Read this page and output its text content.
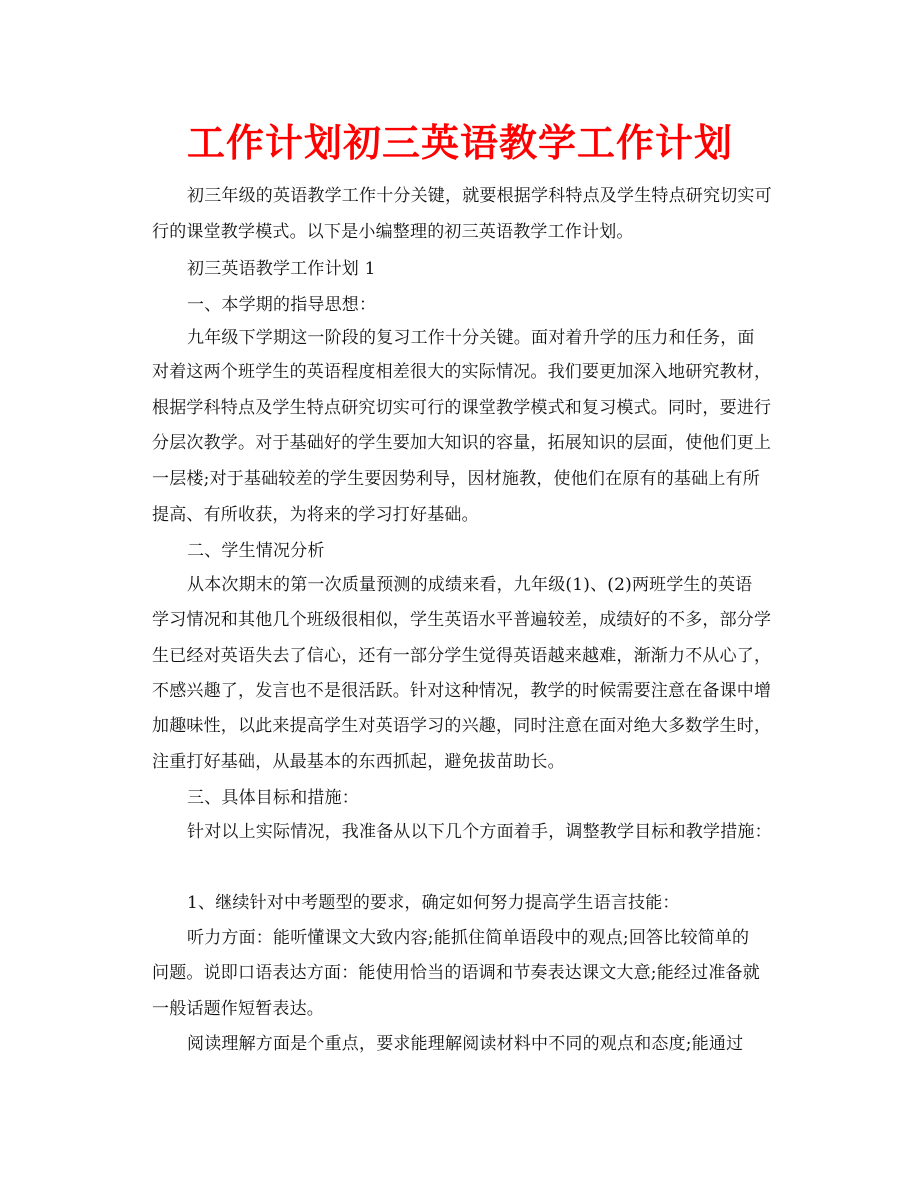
工作计划初三英语教学工作计划
初三年级的英语教学工作十分关键，就要根据学科特点及学生特点研究切实可
行的课堂教学模式。以下是小编整理的初三英语教学工作计划。
初三英语教学工作计划 1
一、本学期的指导思想：
九年级下学期这一阶段的复习工作十分关键。面对着升学的压力和任务，面
对着这两个班学生的英语程度相差很大的实际情况。我们要更加深入地研究教材，
根据学科特点及学生特点研究切实可行的课堂教学模式和复习模式。同时，要进行
分层次教学。对于基础好的学生要加大知识的容量，拓展知识的层面，使他们更上
一层楼;对于基础较差的学生要因势利导，因材施教，使他们在原有的基础上有所
提高、有所收获，为将来的学习打好基础。
二、学生情况分析
从本次期末的第一次质量预测的成绩来看，九年级(1)、(2)两班学生的英语
学习情况和其他几个班级很相似，学生英语水平普遍较差，成绩好的不多，部分学
生已经对英语失去了信心，还有一部分学生觉得英语越来越难，渐渐力不从心了，
不感兴趣了，发言也不是很活跃。针对这种情况，教学的时候需要注意在备课中增
加趣味性，以此来提高学生对英语学习的兴趣，同时注意在面对绝大多数学生时，
注重打好基础，从最基本的东西抓起，避免拔苗助长。
三、具体目标和措施：
针对以上实际情况，我准备从以下几个方面着手，调整教学目标和教学措施：
1、继续针对中考题型的要求，确定如何努力提高学生语言技能：
听力方面：能听懂课文大致内容;能抓住简单语段中的观点;回答比较简单的
问题。说即口语表达方面：能使用恰当的语调和节奏表达课文大意;能经过准备就
一般话题作短暂表达。
阅读理解方面是个重点，要求能理解阅读材料中不同的观点和态度;能通过
